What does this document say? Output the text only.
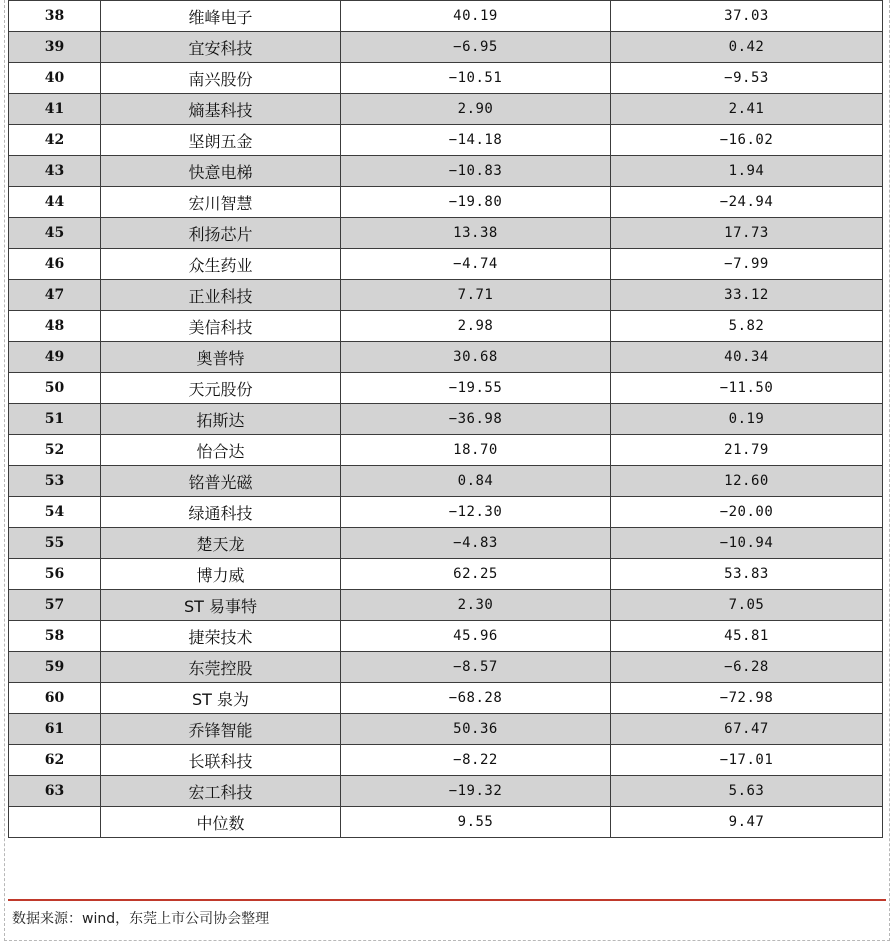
38	维峰电子	40.19	37.03
39	宜安科技	−6.95	0.42
40	南兴股份	−10.51	−9.53
41	熵基科技	2.90	2.41
42	坚朗五金	−14.18	−16.02
43	快意电梯	−10.83	1.94
44	宏川智慧	−19.80	−24.94
45	利扬芯片	13.38	17.73
46	众生药业	−4.74	−7.99
47	正业科技	7.71	33.12
48	美信科技	2.98	5.82
49	奥普特	30.68	40.34
50	天元股份	−19.55	−11.50
51	拓斯达	−36.98	0.19
52	怡合达	18.70	21.79
53	铭普光磁	0.84	12.60
54	绿通科技	−12.30	−20.00
55	楚天龙	−4.83	−10.94
56	博力威	62.25	53.83
57	ST 易事特	2.30	7.05
58	捷荣技术	45.96	45.81
59	东莞控股	−8.57	−6.28
60	ST 泉为	−68.28	−72.98
61	乔锋智能	50.36	67.47
62	长联科技	−8.22	−17.01
63	宏工科技	−19.32	5.63
	中位数	9.55	9.47
数据来源：wind，东莞上市公司协会整理
